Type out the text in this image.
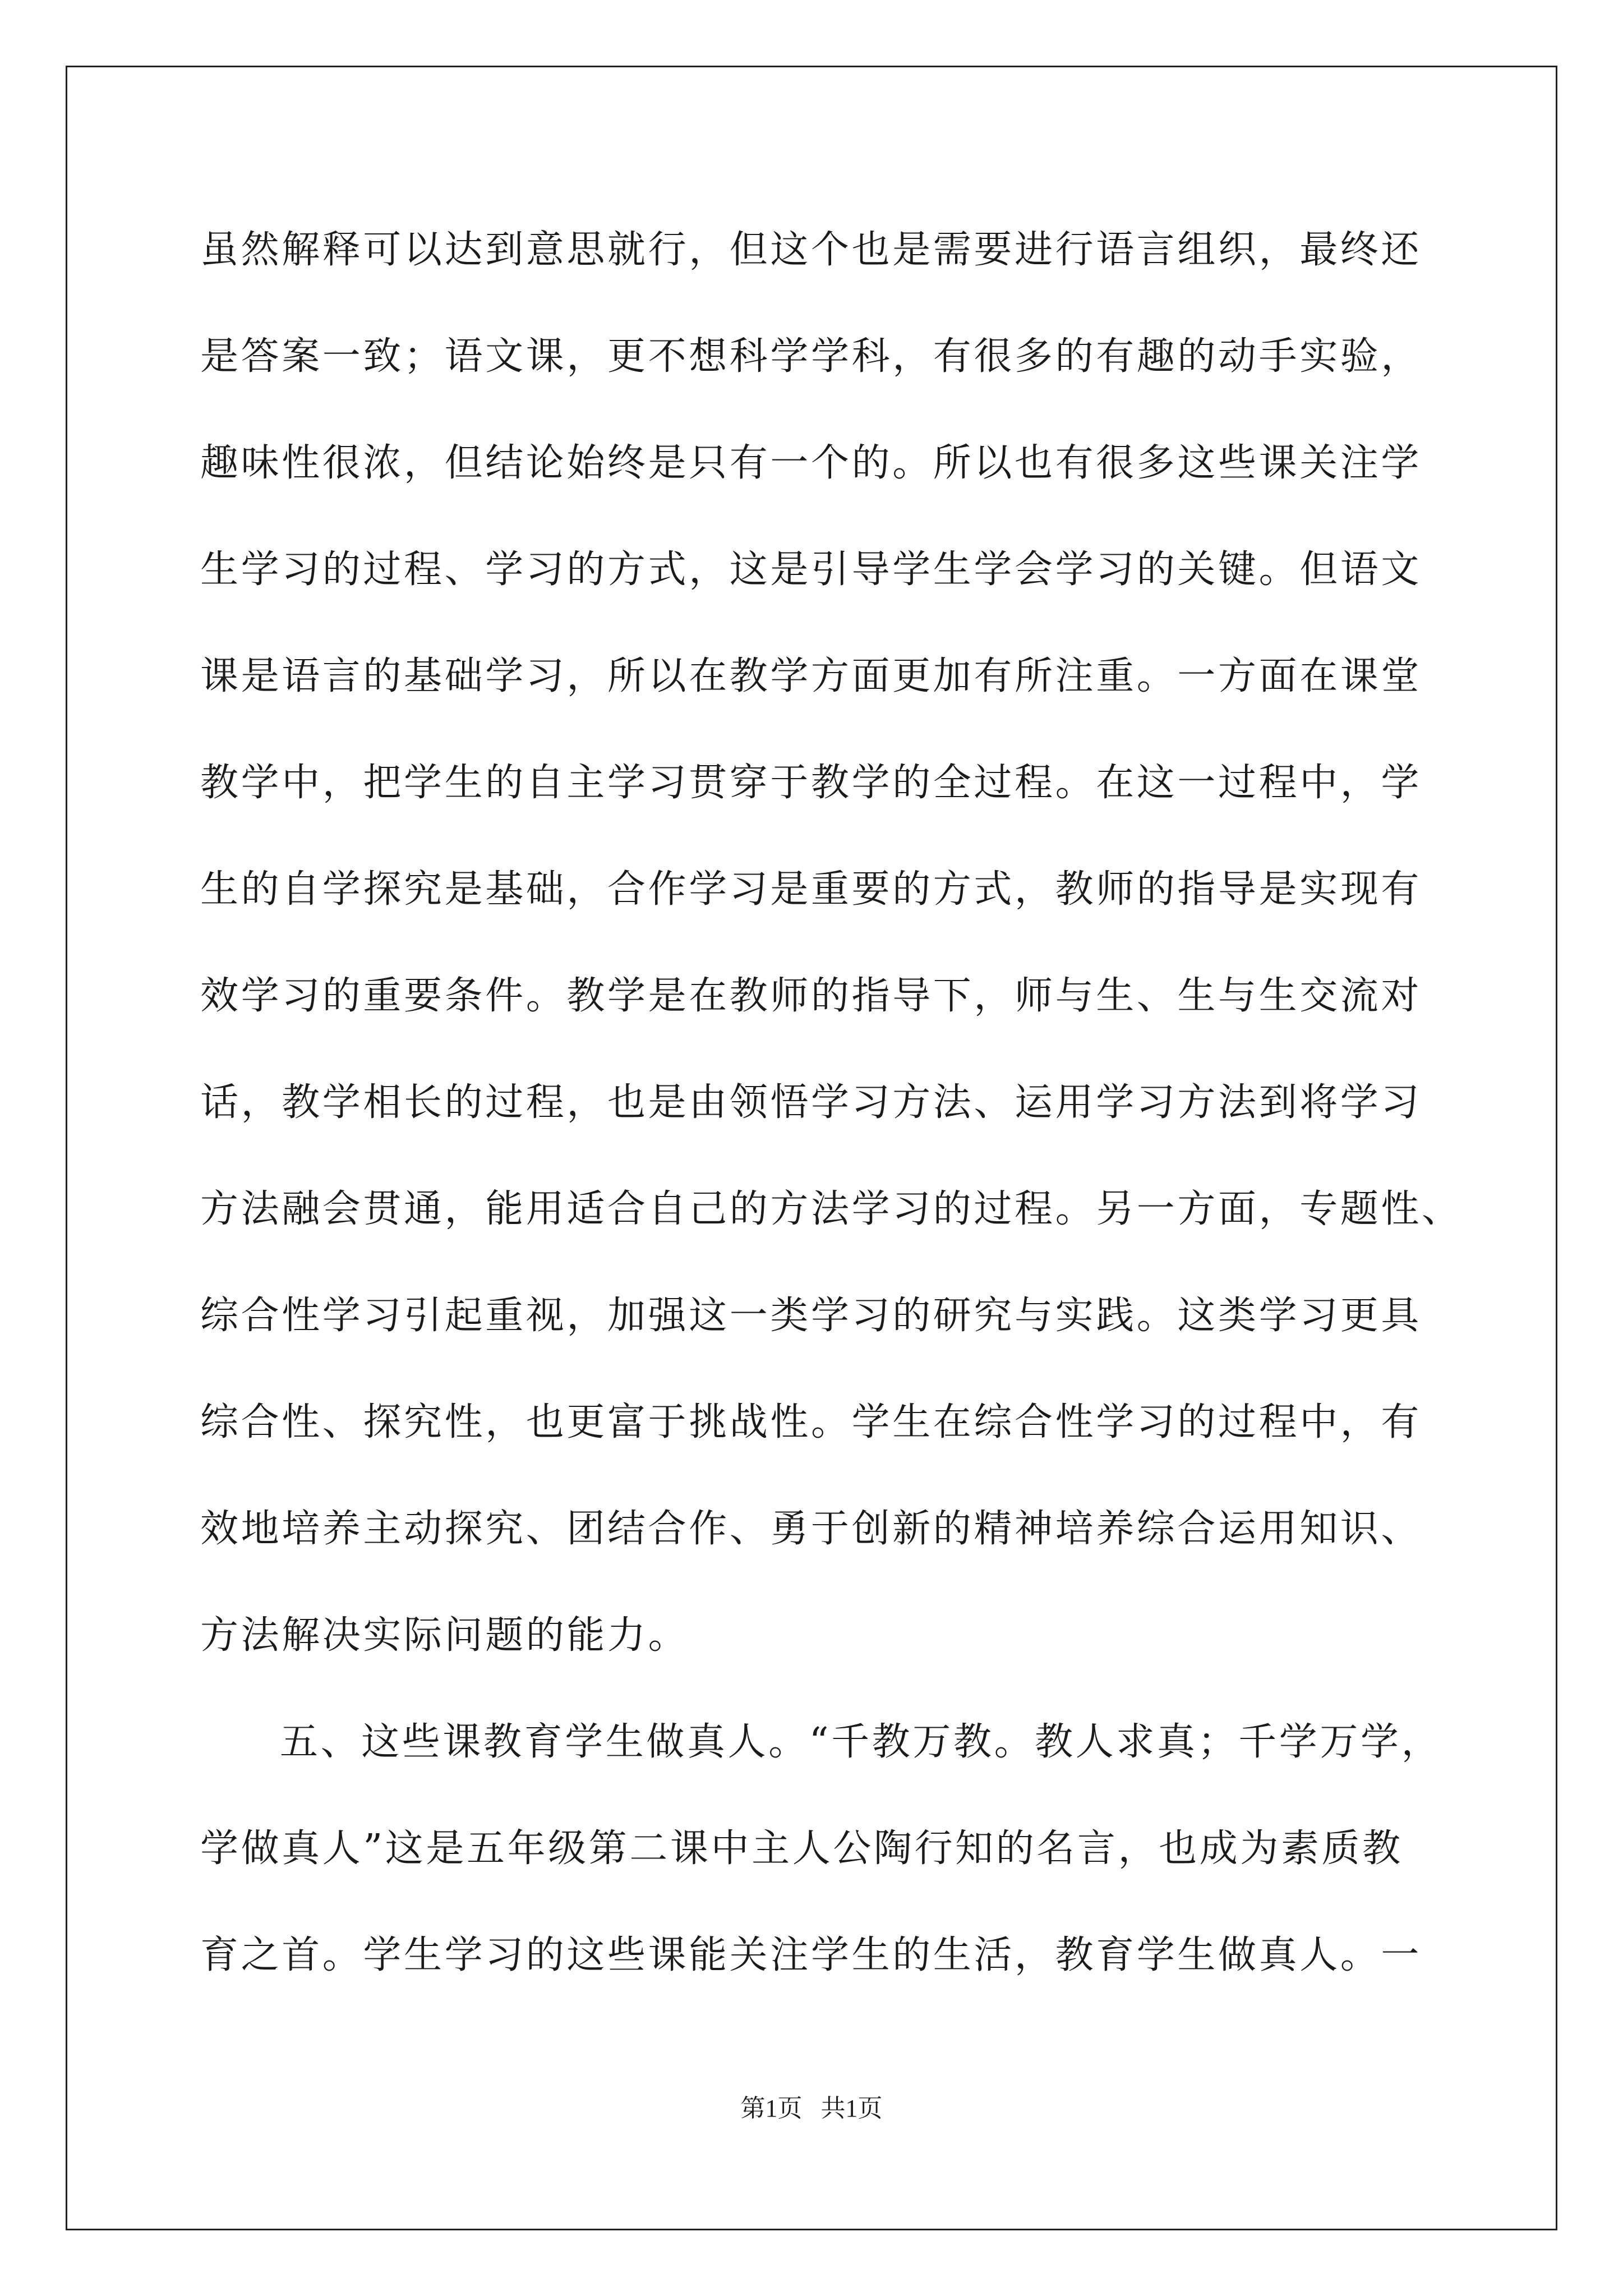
虽然解释可以达到意思就行，但这个也是需要进行语言组织，最终还
是答案一致；语文课，更不想科学学科，有很多的有趣的动手实验，
趣味性很浓，但结论始终是只有一个的。所以也有很多这些课关注学
生学习的过程、学习的方式，这是引导学生学会学习的关键。但语文
课是语言的基础学习，所以在教学方面更加有所注重。一方面在课堂
教学中，把学生的自主学习贯穿于教学的全过程。在这一过程中，学
生的自学探究是基础，合作学习是重要的方式，教师的指导是实现有
效学习的重要条件。教学是在教师的指导下，师与生、生与生交流对
话，教学相长的过程，也是由领悟学习方法、运用学习方法到将学习
方法融会贯通，能用适合自己的方法学习的过程。另一方面，专题性、
综合性学习引起重视，加强这一类学习的研究与实践。这类学习更具
综合性、探究性，也更富于挑战性。学生在综合性学习的过程中，有
效地培养主动探究、团结合作、勇于创新的精神培养综合运用知识、
方法解决实际问题的能力。
五、这些课教育学生做真人。“千教万教。教人求真；千学万学，
学做真人”这是五年级第二课中主人公陶行知的名言，也成为素质教
育之首。学生学习的这些课能关注学生的生活，教育学生做真人。一
第1页   共1页
